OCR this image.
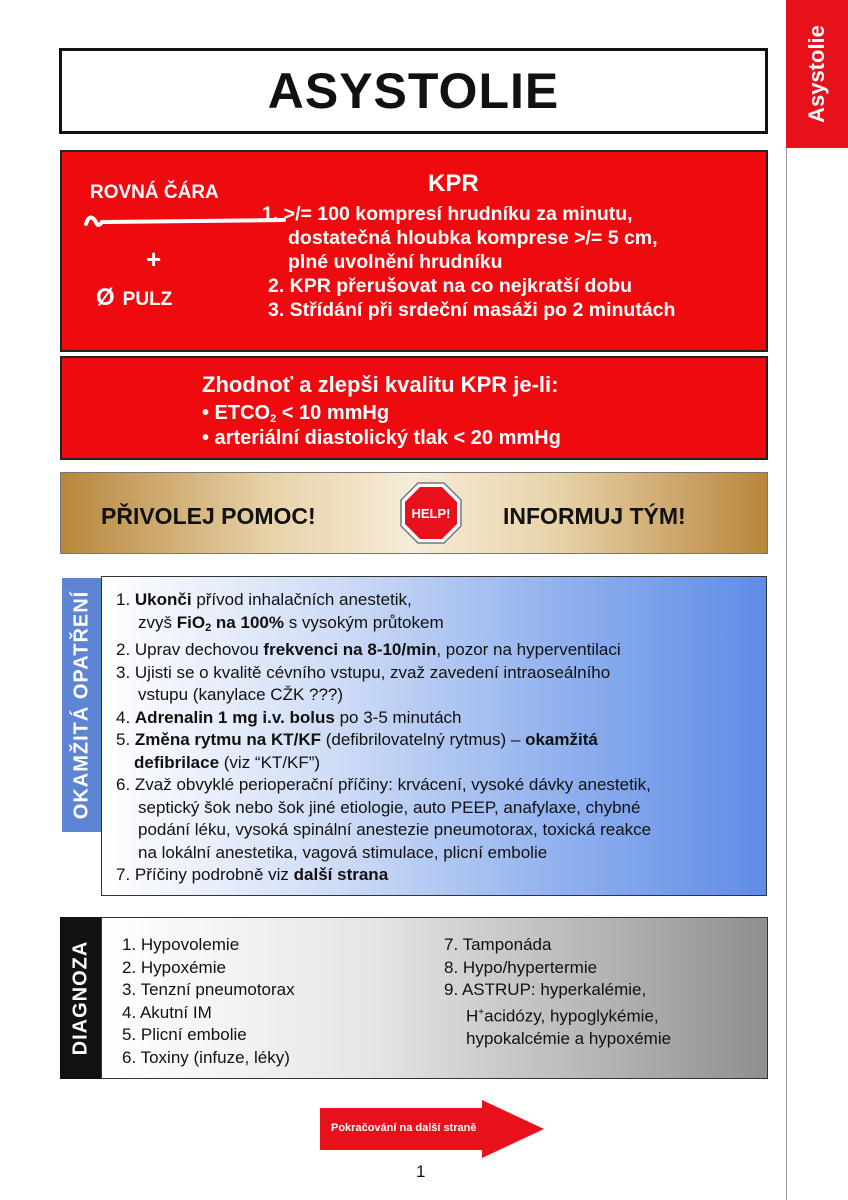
Asystolie
ASYSTOLIE
ROVNÁ ČÁRA
+
Ø PULZ
KPR
1. >/= 100 kompresí hrudníku za minutu,
dostatečná hloubka komprese >/= 5 cm,
plné uvolnění hrudníku
2. KPR přerušovat na co nejkratší dobu
3. Střídání při srdeční masáži po 2 minutách
Zhodnoť a zlepši kvalitu KPR je-li:
• $ETCO_2 < 10$ mmHg
• arteriální diastolický tlak < 20 mmHg
PŘIVOLEJ POMOC!	HELP! INFORMUJ TÝM!
OKAMŽITÁ OPATŘENÍ 1. Ukonči přívod inhalačních anestetik,
zvyš FiO$_2$ na 100% s vysokým průtokem
2. Uprav dechovou frekvenci na 8-10/min, pozor na hyperventilaci
3. Ujisti se o kvalitě cévního vstupu, zvaž zavedení intraoseálního
vstupu (kanylace CŽK ???)
4. Adrenalin 1 mg i.v. bolus po 3-5 minutách
5. Změna rytmu na KT/KF (defibrilovatelný rytmus) – okamžitá
defibrilace (viz “KT/KF”)
6. Zvaž obvyklé perioperační příčiny: krvácení, vysoké dávky anestetik,
septický šok nebo šok jiné etiologie, auto PEEP, anafylaxe, chybné
podání léku, vysoká spinální anestezie pneumotorax, toxická reakce
na lokální anestetika, vagová stimulace, plicní embolie
7. Příčiny podrobně viz další strana
DIAGNOZA 1. Hypovolemie
2. Hypoxémie
3. Tenzní pneumotorax
4. Akutní IM
5. Plicní embolie
6. Toxiny (infuze, léky)
7. Tamponáda
8. Hypo/hypertermie
9. ASTRUP: hyperkalémie,
H+acidózy, hypoglykémie,
hypokalcémie a hypoxémie
Pokračování na další straně
1
